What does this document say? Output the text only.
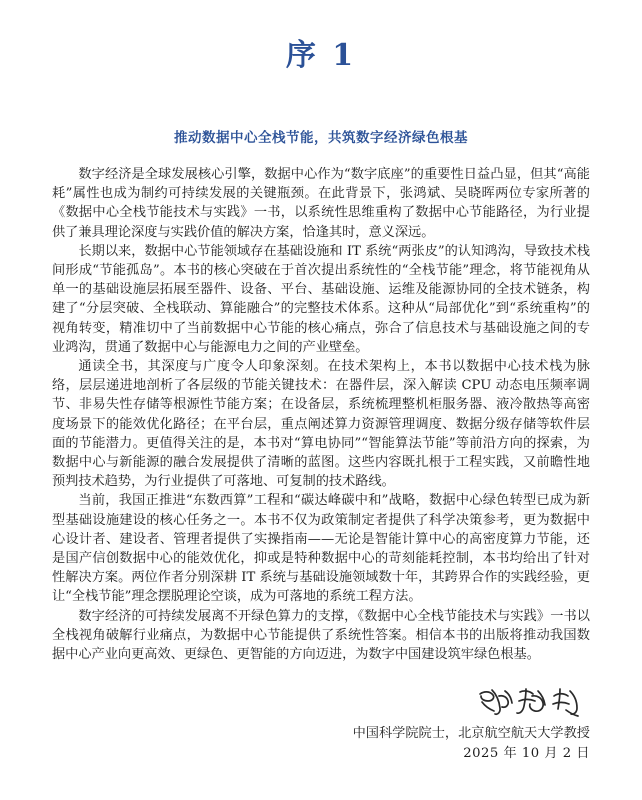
序 1
推动数据中心全栈节能，共筑数字经济绿色根基

数字经济是全球发展核心引擎，数据中心作为“数字底座”的重要性日益凸显，但其“高能耗”属性也成为制约可持续发展的关键瓶颈。在此背景下，张鸿斌、吴晓晖两位专家所著的《数据中心全栈节能技术与实践》一书，以系统性思维重构了数据中心节能路径，为行业提供了兼具理论深度与实践价值的解决方案，恰逢其时，意义深远。

长期以来，数据中心节能领域存在基础设施和 IT 系统“两张皮”的认知鸿沟，导致技术栈间形成“节能孤岛”。本书的核心突破在于首次提出系统性的“全栈节能”理念，将节能视角从单一的基础设施层拓展至器件、设备、平台、基础设施、运维及能源协同的全技术链条，构建了“分层突破、全栈联动、算能融合”的完整技术体系。这种从“局部优化”到“系统重构”的视角转变，精准切中了当前数据中心节能的核心痛点，弥合了信息技术与基础设施之间的专业鸿沟，贯通了数据中心与能源电力之间的产业壁垒。

通读全书，其深度与广度令人印象深刻。在技术架构上，本书以数据中心技术栈为脉络，层层递进地剖析了各层级的节能关键技术：在器件层，深入解读 CPU 动态电压频率调节、非易失性存储等根源性节能方案；在设备层，系统梳理整机柜服务器、液冷散热等高密度场景下的能效优化路径；在平台层，重点阐述算力资源管理调度、数据分级存储等软件层面的节能潜力。更值得关注的是，本书对“算电协同”“智能算法节能”等前沿方向的探索，为数据中心与新能源的融合发展提供了清晰的蓝图。这些内容既扎根于工程实践，又前瞻性地预判技术趋势，为行业提供了可落地、可复制的技术路线。

当前，我国正推进“东数西算”工程和“碳达峰碳中和”战略，数据中心绿色转型已成为新型基础设施建设的核心任务之一。本书不仅为政策制定者提供了科学决策参考，更为数据中心设计者、建设者、管理者提供了实操指南——无论是智能计算中心的高密度算力节能，还是国产信创数据中心的能效优化，抑或是特种数据中心的苛刻能耗控制，本书均给出了针对性解决方案。两位作者分别深耕 IT 系统与基础设施领域数十年，其跨界合作的实践经验，更让“全栈节能”理念摆脱理论空谈，成为可落地的系统工程方法。

数字经济的可持续发展离不开绿色算力的支撑，《数据中心全栈节能技术与实践》一书以全栈视角破解行业痛点，为数据中心节能提供了系统性答案。相信本书的出版将推动我国数据中心产业向更高效、更绿色、更智能的方向迈进，为数字中国建设筑牢绿色根基。

中国科学院院士，北京航空航天大学教授
2025 年 10 月 2 日
